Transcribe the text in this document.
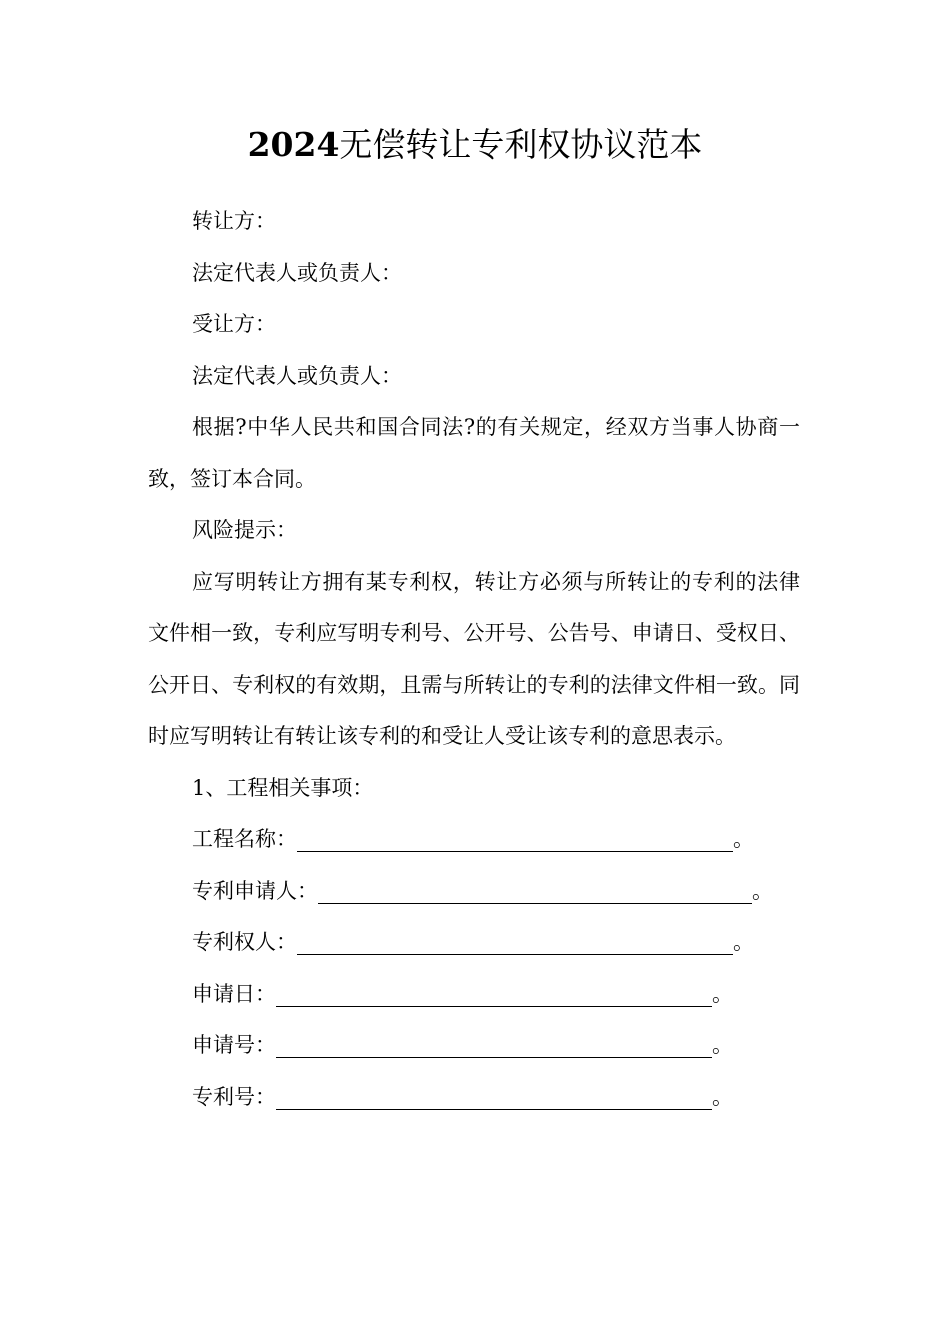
2024无偿转让专利权协议范本

转让方：

法定代表人或负责人：

受让方：

法定代表人或负责人：

根据?中华人民共和国合同法?的有关规定，经双方当事人协商一致，签订本合同。

风险提示：

应写明转让方拥有某专利权，转让方必须与所转让的专利的法律文件相一致，专利应写明专利号、公开号、公告号、申请日、受权日、公开日、专利权的有效期，且需与所转让的专利的法律文件相一致。同时应写明转让有转让该专利的和受让人受让该专利的意思表示。

1、工程相关事项：

工程名称：	。

专利申请人：	。

专利权人：	。

申请日：	。

申请号：	。

专利号：	。
